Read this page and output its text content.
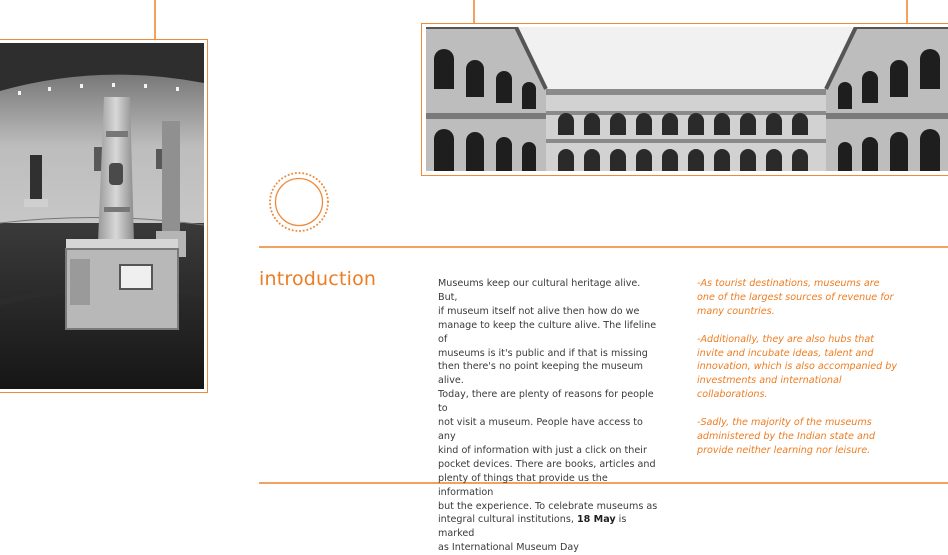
introduction	Museums keep our cultural heritage alive. But,
if museum itself not alive then how do we
manage to keep the culture alive. The lifeline of
museums is it's public and if that is missing
then there's no point keeping the museum alive.
Today, there are plenty of reasons for people to
not visit a museum. People have access to any
kind of information with just a click on their
pocket devices. There are books, articles and
plenty of things that provide us the information
but the experience. To celebrate museums as
integral cultural institutions, 18 May is marked
as International Museum Day

-As tourist destinations, museums are
one of the largest sources of revenue for
many countries.
-Additionally, they are also hubs that
invite and incubate ideas, talent and
innovation, which is also accompanied by
investments and international
collaborations.
-Sadly, the majority of the museums
administered by the Indian state and
provide neither learning nor leisure.
